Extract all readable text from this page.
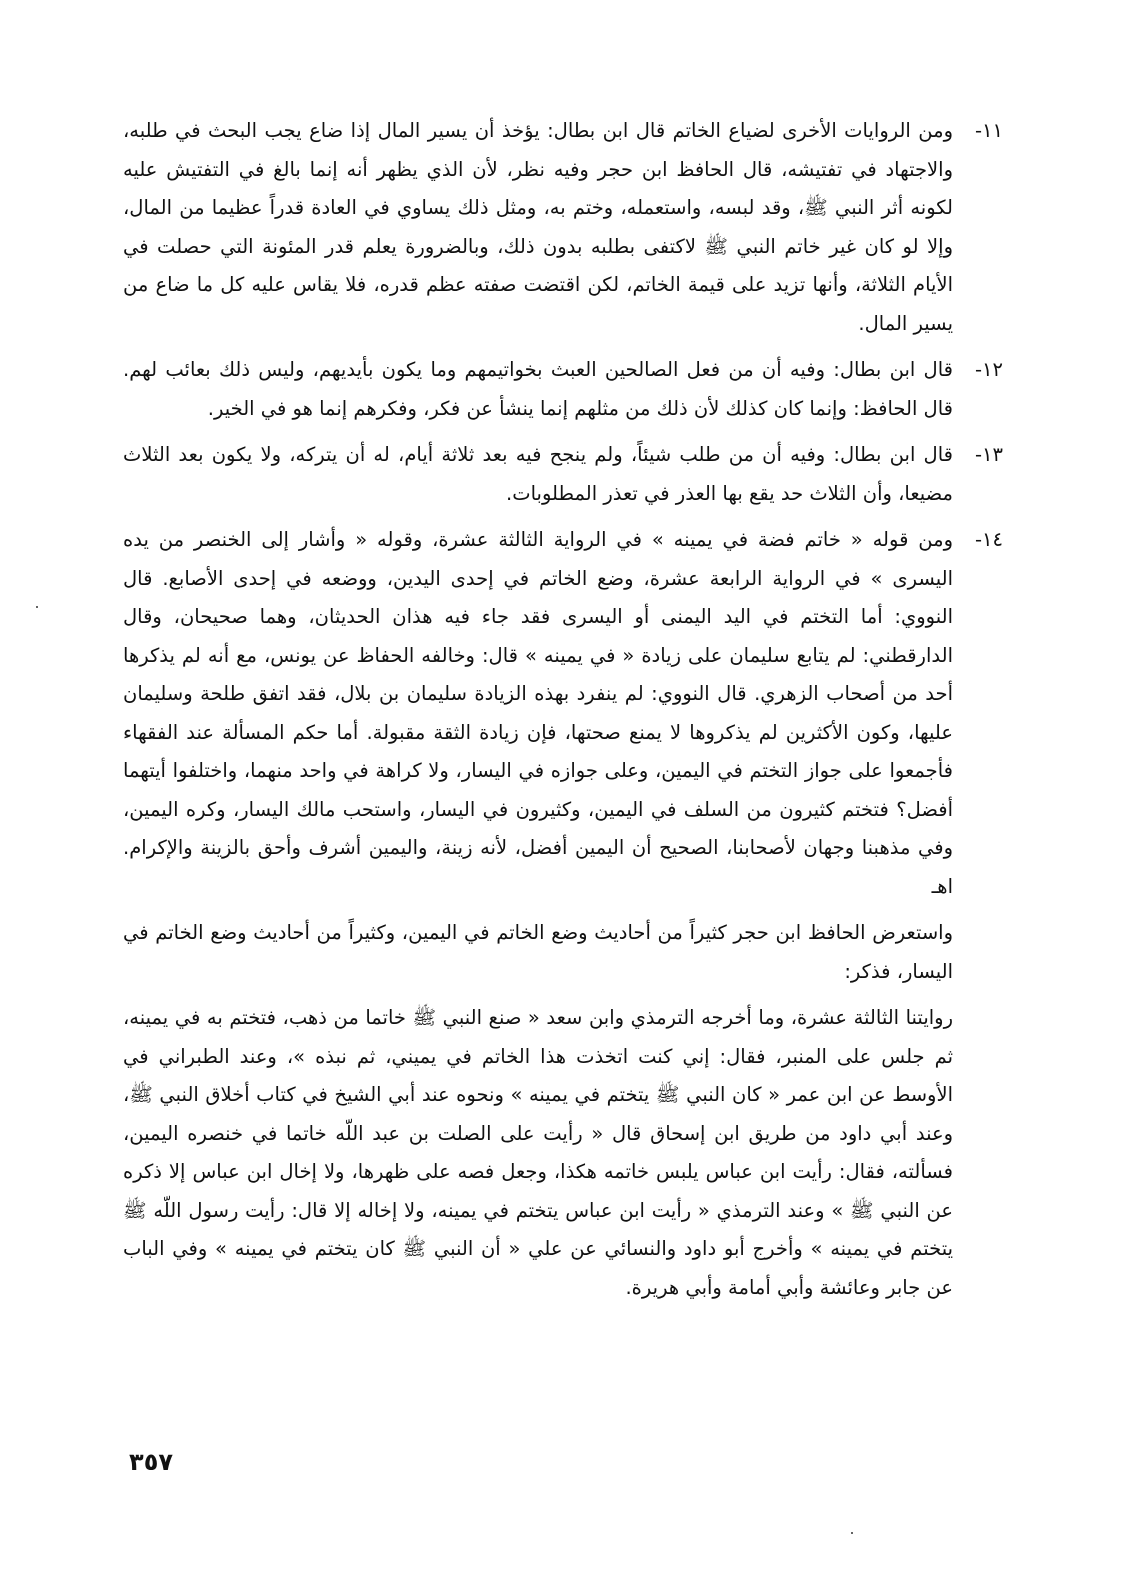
١١-
ومن الروايات الأخرى لضياع الخاتم قال ابن بطال: يؤخذ أن يسير المال إذا ضاع يجب البحث في طلبه، والاجتهاد في تفتيشه، قال الحافظ ابن حجر وفيه نظر، لأن الذي يظهر أنه إنما بالغ في التفتيش عليه لكونه أثر النبي ﷺ، وقد لبسه، واستعمله، وختم به، ومثل ذلك يساوي في العادة قدراً عظيما من المال، وإلا لو كان غير خاتم النبي ﷺ لاكتفى بطلبه بدون ذلك، وبالضرورة يعلم قدر المئونة التي حصلت في الأيام الثلاثة، وأنها تزيد على قيمة الخاتم، لكن اقتضت صفته عظم قدره، فلا يقاس عليه كل ما ضاع من يسير المال.
١٢-
قال ابن بطال: وفيه أن من فعل الصالحين العبث بخواتيمهم وما يكون بأيديهم، وليس ذلك بعائب لهم. قال الحافظ: وإنما كان كذلك لأن ذلك من مثلهم إنما ينشأ عن فكر، وفكرهم إنما هو في الخير.
١٣-
قال ابن بطال: وفيه أن من طلب شيئاً، ولم ينجح فيه بعد ثلاثة أيام، له أن يتركه، ولا يكون بعد الثلاث مضيعا، وأن الثلاث حد يقع بها العذر في تعذر المطلوبات.
١٤-
ومن قوله « خاتم فضة في يمينه » في الرواية الثالثة عشرة، وقوله « وأشار إلى الخنصر من يده اليسرى » في الرواية الرابعة عشرة، وضع الخاتم في إحدى اليدين، ووضعه في إحدى الأصابع. قال النووي: أما التختم في اليد اليمنى أو اليسرى فقد جاء فيه هذان الحديثان، وهما صحيحان، وقال الدارقطني: لم يتابع سليمان على زيادة « في يمينه » قال: وخالفه الحفاظ عن يونس، مع أنه لم يذكرها أحد من أصحاب الزهري. قال النووي: لم ينفرد بهذه الزيادة سليمان بن بلال، فقد اتفق طلحة وسليمان عليها، وكون الأكثرين لم يذكروها لا يمنع صحتها، فإن زيادة الثقة مقبولة. أما حكم المسألة عند الفقهاء فأجمعوا على جواز التختم في اليمين، وعلى جوازه في اليسار، ولا كراهة في واحد منهما، واختلفوا أيتهما أفضل؟ فتختم كثيرون من السلف في اليمين، وكثيرون في اليسار، واستحب مالك اليسار، وكره اليمين، وفي مذهبنا وجهان لأصحابنا، الصحيح أن اليمين أفضل، لأنه زينة، واليمين أشرف وأحق بالزينة والإكرام. اهـ

واستعرض الحافظ ابن حجر كثيراً من أحاديث وضع الخاتم في اليمين، وكثيراً من أحاديث وضع الخاتم في اليسار، فذكر:

روايتنا الثالثة عشرة، وما أخرجه الترمذي وابن سعد « صنع النبي ﷺ خاتما من ذهب، فتختم به في يمينه، ثم جلس على المنبر، فقال: إني كنت اتخذت هذا الخاتم في يميني، ثم نبذه »، وعند الطبراني في الأوسط عن ابن عمر « كان النبي ﷺ يتختم في يمينه » ونحوه عند أبي الشيخ في كتاب أخلاق النبي ﷺ، وعند أبي داود من طريق ابن إسحاق قال « رأيت على الصلت بن عبد اللّه خاتما في خنصره اليمين، فسألته، فقال: رأيت ابن عباس يلبس خاتمه هكذا، وجعل فصه على ظهرها، ولا إخال ابن عباس إلا ذكره عن النبي ﷺ » وعند الترمذي « رأيت ابن عباس يتختم في يمينه، ولا إخاله إلا قال: رأيت رسول اللّه ﷺ يتختم في يمينه » وأخرج أبو داود والنسائي عن علي « أن النبي ﷺ كان يتختم في يمينه » وفي الباب عن جابر وعائشة وأبي أمامة وأبي هريرة.

٣٥٧
